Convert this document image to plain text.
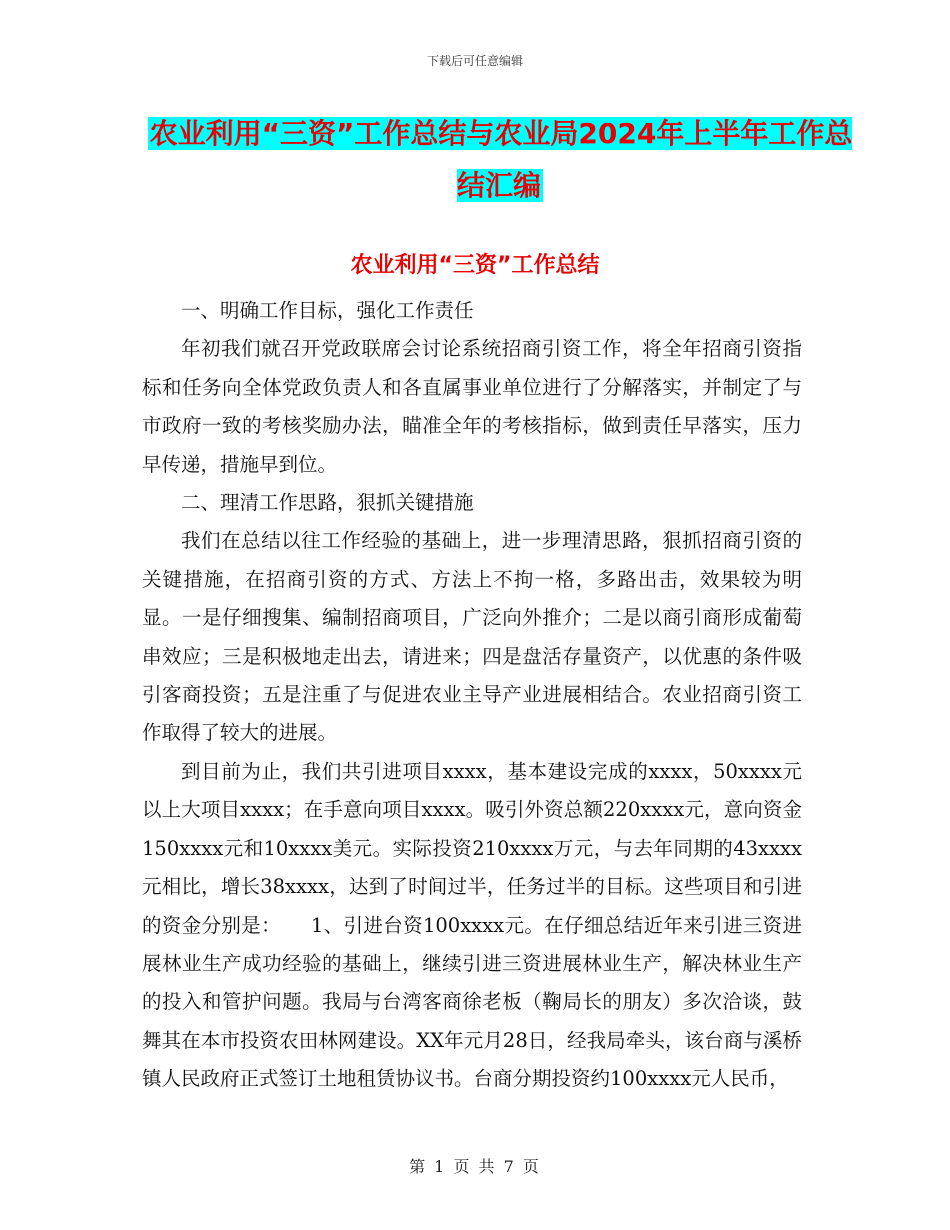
下载后可任意编辑
农业利用“三资”工作总结与农业局2024年上半年工作总结汇编
农业利用“三资”工作总结

一、明确工作目标，强化工作责任

年初我们就召开党政联席会讨论系统招商引资工作，将全年招商引资指标和任务向全体党政负责人和各直属事业单位进行了分解落实，并制定了与市政府一致的考核奖励办法，瞄准全年的考核指标，做到责任早落实，压力早传递，措施早到位。

二、理清工作思路，狠抓关键措施

我们在总结以往工作经验的基础上，进一步理清思路，狠抓招商引资的关键措施，在招商引资的方式、方法上不拘一格，多路出击，效果较为明显。一是仔细搜集、编制招商项目，广泛向外推介；二是以商引商形成葡萄串效应；三是积极地走出去，请进来；四是盘活存量资产，以优惠的条件吸引客商投资；五是注重了与促进农业主导产业进展相结合。农业招商引资工作取得了较大的进展。

到目前为止，我们共引进项目xxxx，基本建设完成的xxxx，50xxxx元以上大项目xxxx；在手意向项目xxxx。吸引外资总额220xxxx元，意向资金150xxxx元和10xxxx美元。实际投资210xxxx万元，与去年同期的43xxxx元相比，增长38xxxx，达到了时间过半，任务过半的目标。这些项目和引进的资金分别是：　　1、引进台资100xxxx元。在仔细总结近年来引进三资进展林业生产成功经验的基础上，继续引进三资进展林业生产，解决林业生产的投入和管护问题。我局与台湾客商徐老板（鞠局长的朋友）多次洽谈，鼓舞其在本市投资农田林网建设。XX年元月28日，经我局牵头，该台商与溪桥镇人民政府正式签订土地租赁协议书。台商分期投资约100xxxx元人民币，

第 1 页 共 7 页
